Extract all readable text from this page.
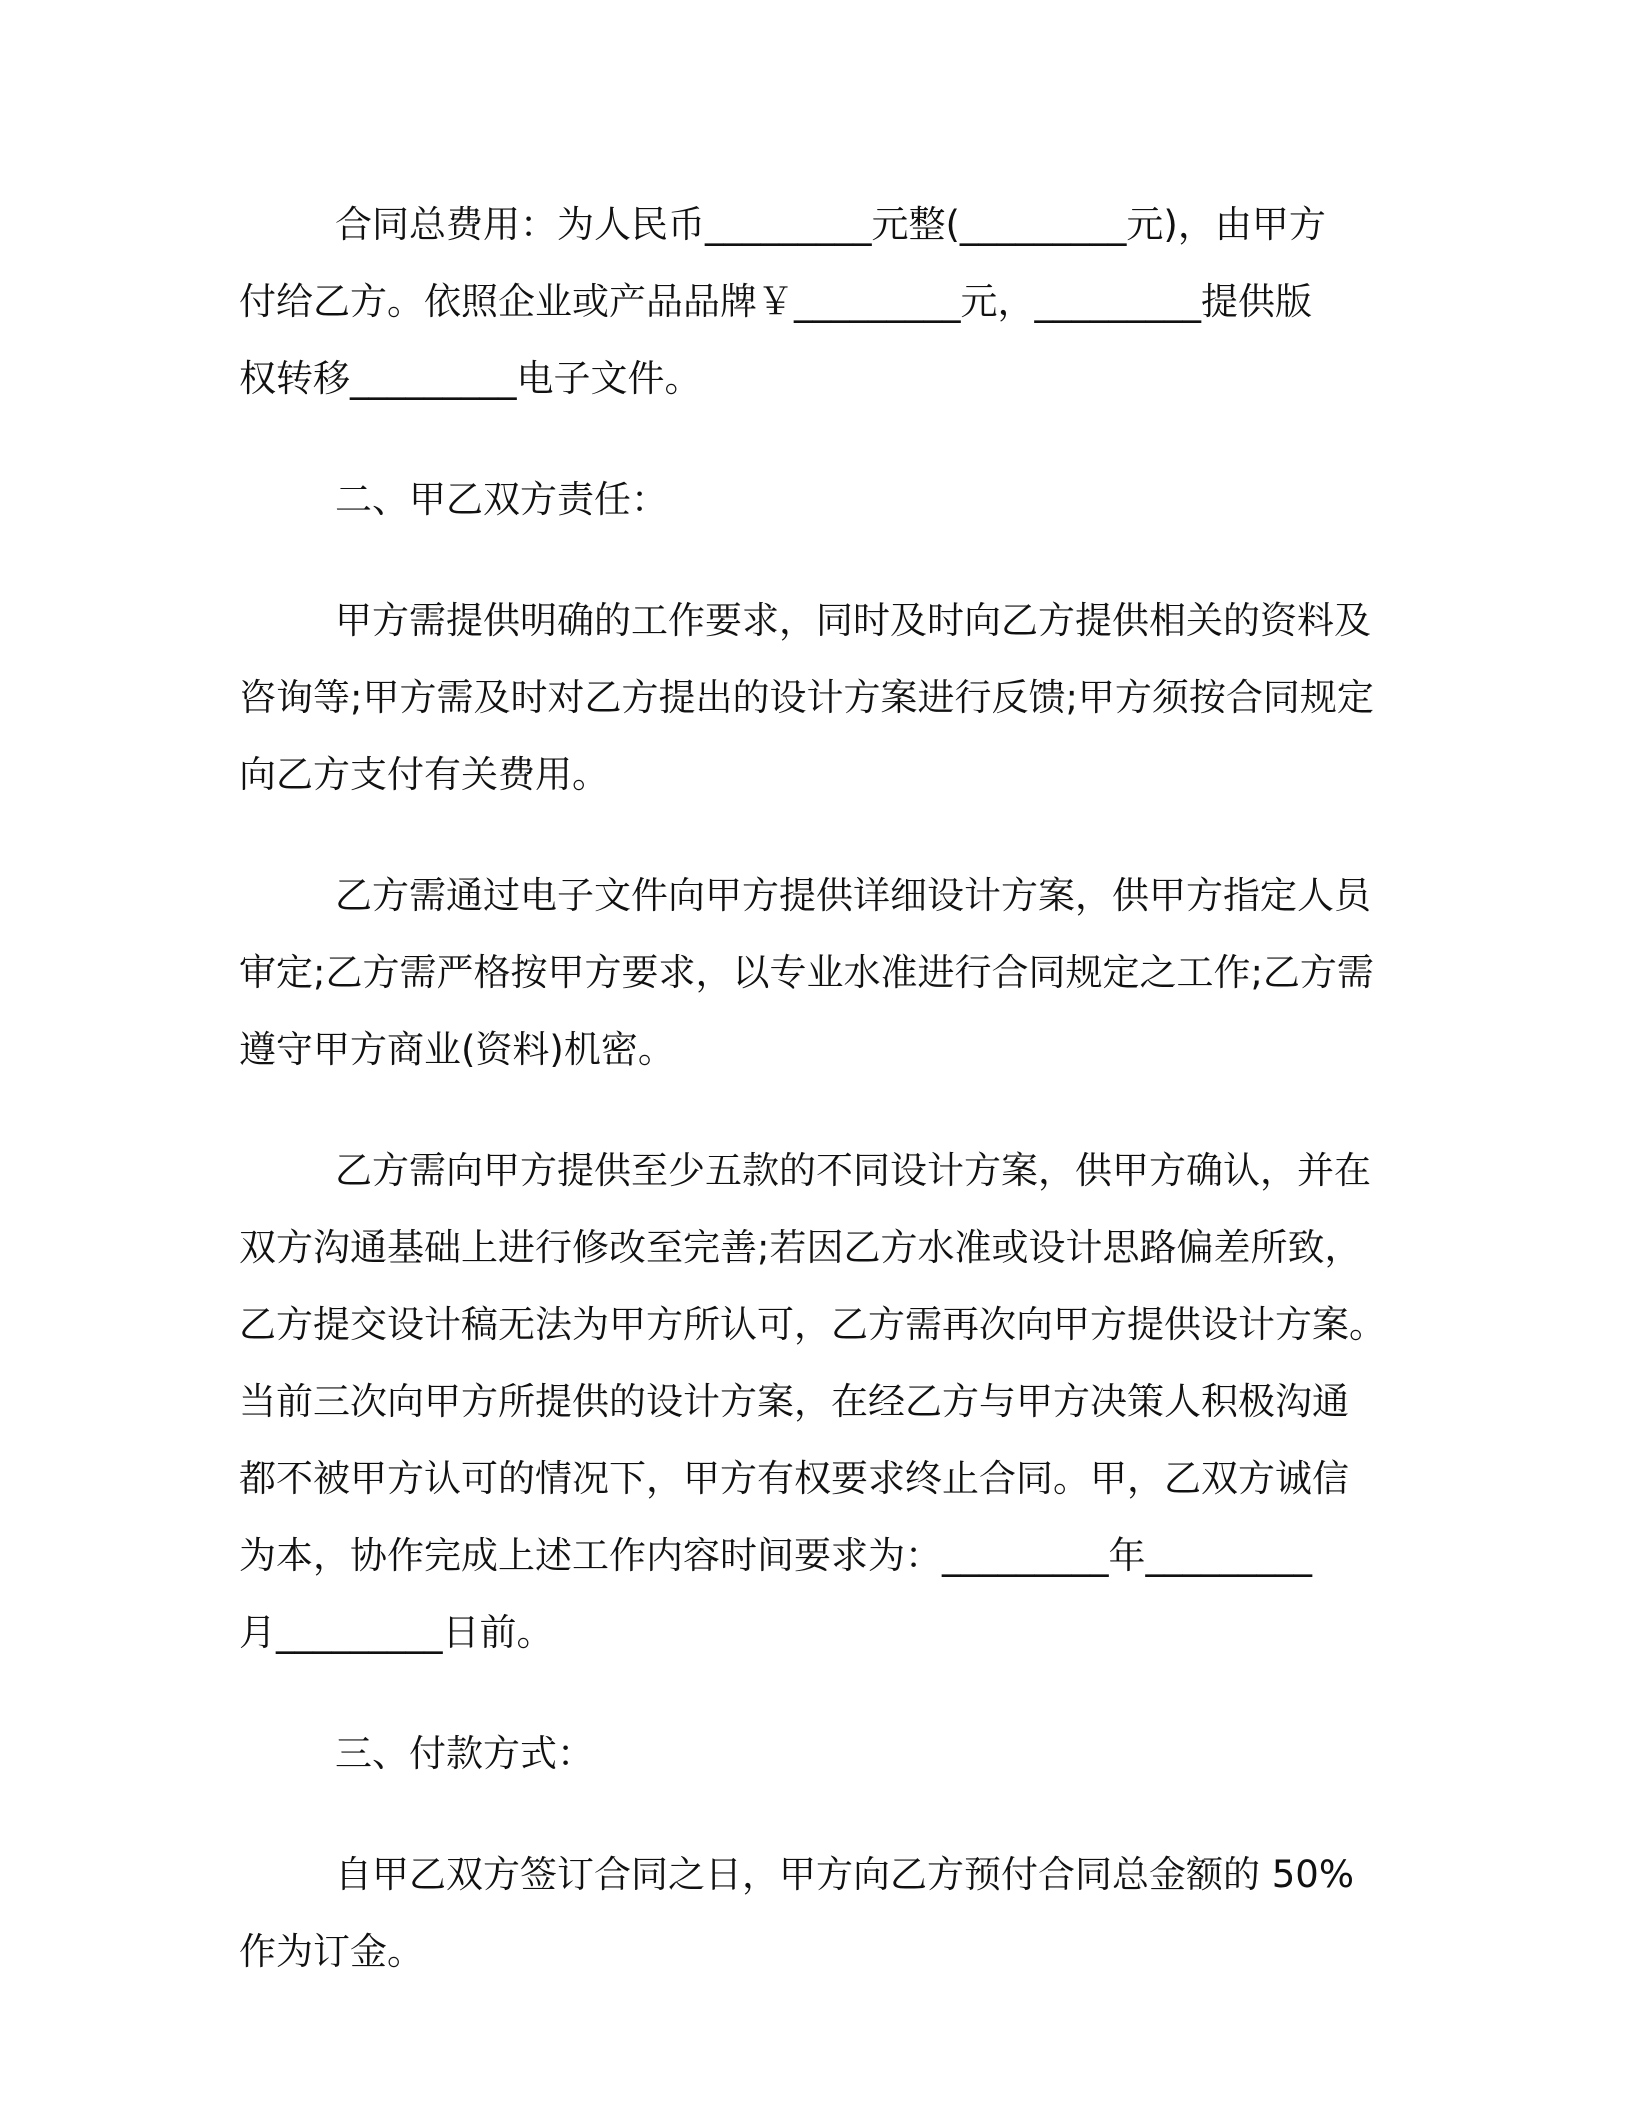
合同总费用：为人民币_________元整(_________元)，由甲方
付给乙方。依照企业或产品品牌￥_________元，_________提供版
权转移_________电子文件。
二、甲乙双方责任：
甲方需提供明确的工作要求，同时及时向乙方提供相关的资料及
咨询等;甲方需及时对乙方提出的设计方案进行反馈;甲方须按合同规定
向乙方支付有关费用。
乙方需通过电子文件向甲方提供详细设计方案，供甲方指定人员
审定;乙方需严格按甲方要求，以专业水准进行合同规定之工作;乙方需
遵守甲方商业(资料)机密。
乙方需向甲方提供至少五款的不同设计方案，供甲方确认，并在
双方沟通基础上进行修改至完善;若因乙方水准或设计思路偏差所致，
乙方提交设计稿无法为甲方所认可，乙方需再次向甲方提供设计方案。
当前三次向甲方所提供的设计方案，在经乙方与甲方决策人积极沟通
都不被甲方认可的情况下，甲方有权要求终止合同。甲，乙双方诚信
为本，协作完成上述工作内容时间要求为：_________年_________
月_________日前。
三、付款方式：
自甲乙双方签订合同之日，甲方向乙方预付合同总金额的 50%
作为订金。
